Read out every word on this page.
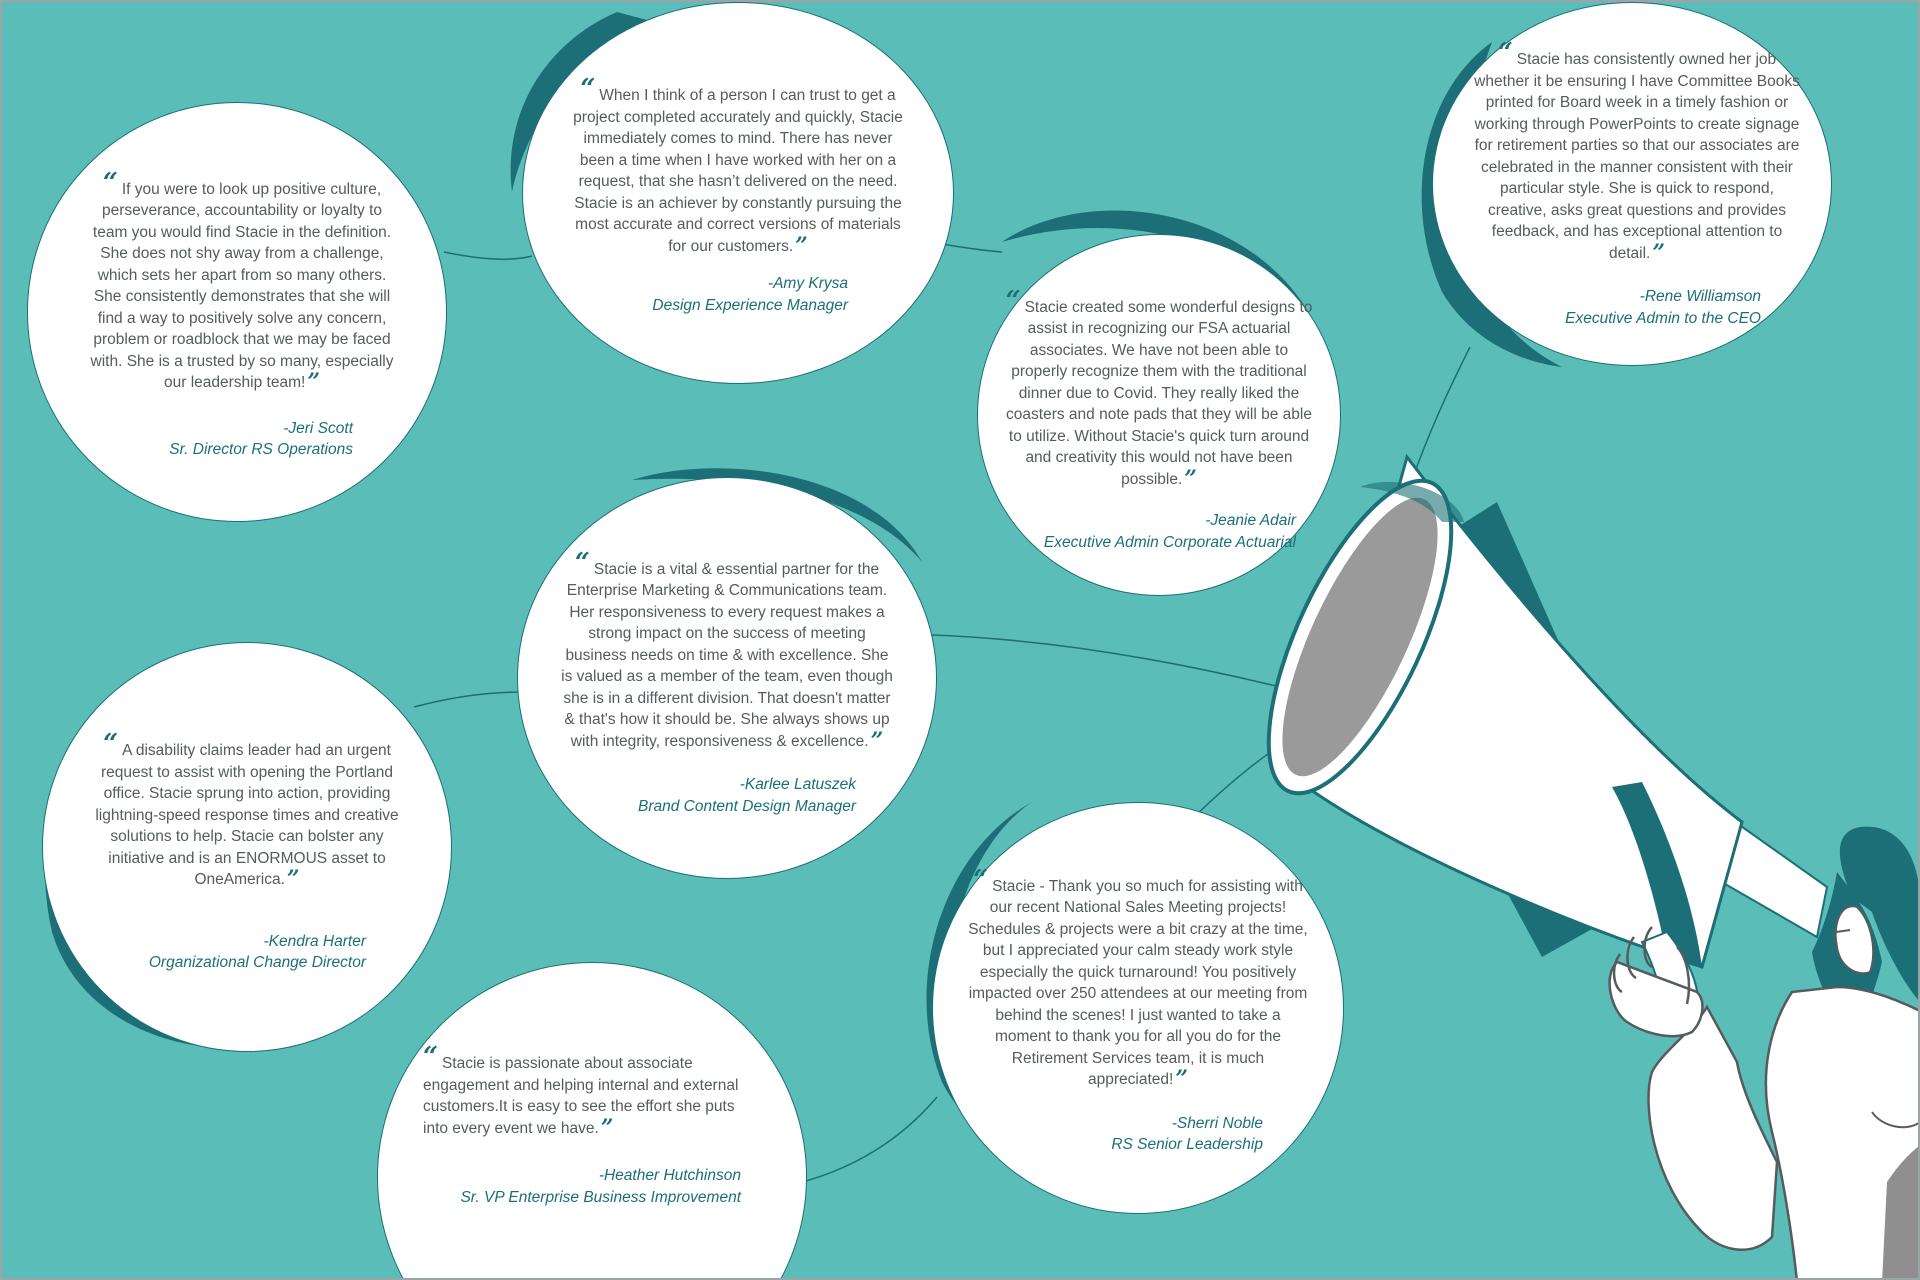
“ If you were to look up positive culture, perseverance, accountability or loyalty to team you would find Stacie in the definition. She does not shy away from a challenge, which sets her apart from so many others. She consistently demonstrates that she will find a way to positively solve any concern, problem or roadblock that we may be faced with. She is a trusted by so many, especially our leadership team!”

-Jeri Scott
Sr. Director RS Operations

“ When I think of a person I can trust to get a project completed accurately and quickly, Stacie immediately comes to mind. There has never been a time when I have worked with her on a request, that she hasn’t delivered on the need. Stacie is an achiever by constantly pursuing the most accurate and correct versions of materials for our customers.”

-Amy Krysa
Design Experience Manager

“ Stacie has consistently owned her job whether it be ensuring I have Committee Books printed for Board week in a timely fashion or working through PowerPoints to create signage for retirement parties so that our associates are celebrated in the manner consistent with their particular style. She is quick to respond, creative, asks great questions and provides feedback, and has exceptional attention to detail.”

-Rene Williamson
Executive Admin to the CEO

“ Stacie created some wonderful designs to assist in recognizing our FSA actuarial associates. We have not been able to properly recognize them with the traditional dinner due to Covid. They really liked the coasters and note pads that they will be able to utilize. Without Stacie's quick turn around and creativity this would not have been possible.”

-Jeanie Adair
Executive Admin Corporate Actuarial

“ Stacie is a vital & essential partner for the Enterprise Marketing & Communications team. Her responsiveness to every request makes a strong impact on the success of meeting business needs on time & with excellence. She is valued as a member of the team, even though she is in a different division. That doesn't matter & that's how it should be. She always shows up with integrity, responsiveness & excellence.”

-Karlee Latuszek
Brand Content Design Manager

“ A disability claims leader had an urgent request to assist with opening the Portland office. Stacie sprung into action, providing lightning-speed response times and creative solutions to help. Stacie can bolster any initiative and is an ENORMOUS asset to OneAmerica.”

-Kendra Harter
Organizational Change Director

“ Stacie - Thank you so much for assisting with our recent National Sales Meeting projects! Schedules & projects were a bit crazy at the time, but I appreciated your calm steady work style especially the quick turnaround! You positively impacted over 250 attendees at our meeting from behind the scenes! I just wanted to take a moment to thank you for all you do for the Retirement Services team, it is much appreciated!”

-Sherri Noble
RS Senior Leadership

“ Stacie is passionate about associate engagement and helping internal and external customers.It is easy to see the effort she puts into every event we have.”

-Heather Hutchinson
Sr. VP Enterprise Business Improvement
